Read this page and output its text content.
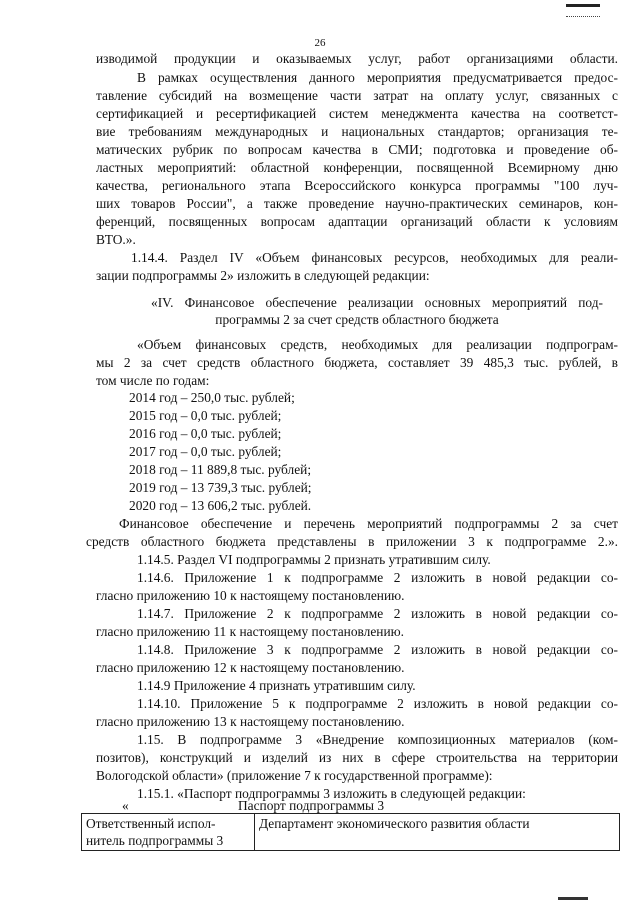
26
изводимой продукции и оказываемых услуг, работ организациями области.
В рамках осуществления данного мероприятия предусматривается предос-
тавление субсидий на возмещение части затрат на оплату услуг, связанных с
сертификацией и ресертификацией систем менеджмента качества на соответст-
вие требованиям международных и национальных стандартов; организация те-
матических рубрик по вопросам качества в СМИ; подготовка и проведение об-
ластных мероприятий: областной конференции, посвященной Всемирному дню
качества, регионального этапа Всероссийского конкурса программы "100 луч-
ших товаров России", а также проведение научно-практических семинаров, кон-
ференций, посвященных вопросам адаптации организаций области к условиям
ВТО.».
1.14.4. Раздел IV «Объем финансовых ресурсов, необходимых для реали-
зации подпрограммы 2» изложить в следующей редакции:
«IV. Финансовое обеспечение реализации основных мероприятий под-
программы 2 за счет средств областного бюджета
«Объем финансовых средств, необходимых для реализации подпрограм-
мы 2 за счет средств областного бюджета, составляет 39 485,3 тыс. рублей, в
том числе по годам:
2014 год – 250,0 тыс. рублей;
2015 год – 0,0 тыс. рублей;
2016 год – 0,0 тыс. рублей;
2017 год – 0,0 тыс. рублей;
2018 год – 11 889,8 тыс. рублей;
2019 год – 13 739,3 тыс. рублей;
2020 год – 13 606,2 тыс. рублей.
Финансовое обеспечение и перечень мероприятий подпрограммы 2 за счет
средств областного бюджета представлены в приложении 3 к подпрограмме 2.».
1.14.5. Раздел VI подпрограммы 2 признать утратившим силу.
1.14.6. Приложение 1 к подпрограмме 2 изложить в новой редакции со-
гласно приложению 10 к настоящему постановлению.
1.14.7. Приложение 2 к подпрограмме 2 изложить в новой редакции со-
гласно приложению 11 к настоящему постановлению.
1.14.8. Приложение 3 к подпрограмме 2 изложить в новой редакции со-
гласно приложению 12 к настоящему постановлению.
1.14.9 Приложение 4 признать утратившим силу.
1.14.10. Приложение 5 к подпрограмме 2 изложить в новой редакции со-
гласно приложению 13 к настоящему постановлению.
1.15. В подпрограмме 3 «Внедрение композиционных материалов (ком-
позитов), конструкций и изделий из них в сфере строительства на территории
Вологодской области» (приложение 7 к государственной программе):
1.15.1. «Паспорт подпрограммы 3 изложить в следующей редакции:
«	Паспорт подпрограммы 3
Ответственный испол-
нитель подпрограммы 3
	Департамент экономического развития области
